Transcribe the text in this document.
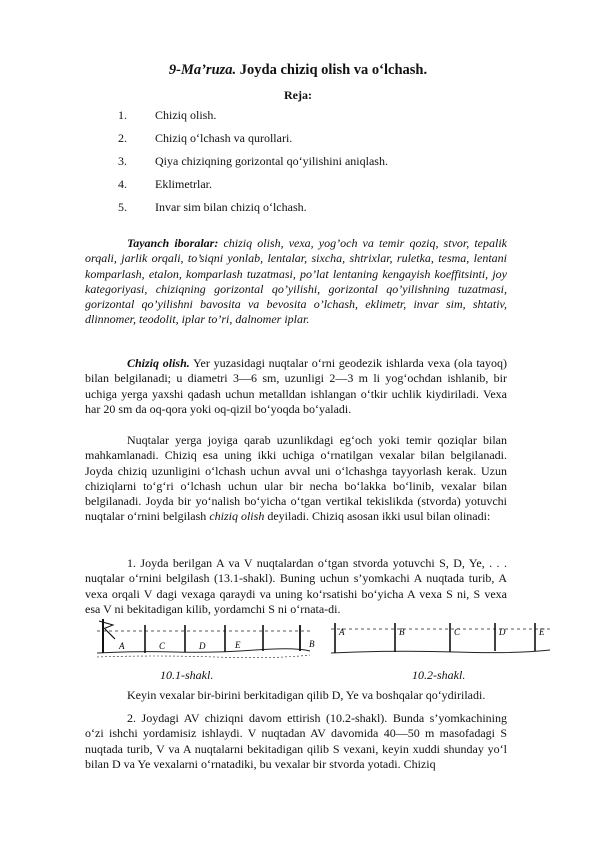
9-Ma’ruza. Joyda chiziq olish va o‘lchash.
Reja:
1.	Chiziq olish.
2.	Chiziq o‘lchash va qurollari.
3.	Qiya chiziqning gorizontal qo‘yilishini aniqlash.
4.	Eklimetrlar.
5.	Invar sim bilan chiziq o‘lchash.
Tayanch iboralar: chiziq olish, vexa, yog’och va temir qoziq, stvor, tepalik orqali, jarlik orqali, to’siqni yonlab, lentalar, sixcha, shtrixlar, ruletka, tesma, lentani komparlash, etalon, komparlash tuzatmasi, po’lat lentaning kengayish koeffitsinti, joy kategoriyasi, chiziqning gorizontal qo’yilishi, gorizontal qo’yilishning tuzatmasi, gorizontal qo’yilishni bavosita va bevosita o’lchash, eklimetr, invar sim, shtativ, dlinnomer, teodolit, iplar to’ri, dalnomer iplar.
Chiziq olish. Yer yuzasidagi nuqtalar o‘rni geodezik ishlarda vexa (ola tayoq) bilan belgilanadi; u diametri 3—6 sm, uzunligi 2—3 m li yog‘ochdan ishlanib, bir uchiga yerga yaxshi qadash uchun metalldan ishlangan o‘tkir uchlik kiydiriladi. Vexa har 20 sm da oq-qora yoki oq-qizil bo‘yoqda bo‘yaladi.
Nuqtalar yerga joyiga qarab uzunlikdagi eg‘och yoki temir qoziqlar bilan mahkamlanadi. Chiziq esa uning ikki uchiga o‘rnatilgan vexalar bilan belgilanadi. Joyda chiziq uzunligini o‘lchash uchun avval uni o‘lchashga tayyorlash kerak. Uzun chiziqlarni to‘g‘ri o‘lchash uchun ular bir necha bo‘lakka bo‘linib, vexalar bilan belgilanadi. Joyda bir yo‘nalish bo‘yicha o‘tgan vertikal tekislikda (stvorda) yotuvchi nuqtalar o‘rnini belgilash chiziq olish deyiladi. Chiziq asosan ikki usul bilan olinadi:
1. Joyda berilgan A va V nuqtalardan o‘tgan stvorda yotuvchi S, D, Ye, . . . nuqtalar o‘rnini belgilash (13.1-shakl). Buning uchun s’yomkachi A nuqtada turib, A vexa orqali V dagi vexaga qaraydi va uning ko‘rsatishi bo‘yicha A vexa S ni, S vexa esa V ni bekitadigan kilib, yordamchi S ni o‘rnata-di.
A	C	D	E	B
A	B	C	D	E
10.1-shakl.	10.2-shakl.
Keyin vexalar bir-birini berkitadigan qilib D, Ye va boshqalar qo‘ydiriladi.
2. Joydagi AV chiziqni davom ettirish (10.2-shakl). Bunda s’yomkachining o‘zi ishchi yordamisiz ishlaydi. V nuqtadan AV davomida 40—50 m masofadagi S nuqtada turib, V va A nuqtalarni bekitadigan qilib S vexani, keyin xuddi shunday yo‘l bilan D va Ye vexalarni o‘rnatadiki, bu vexalar bir stvorda yotadi. Chiziq
